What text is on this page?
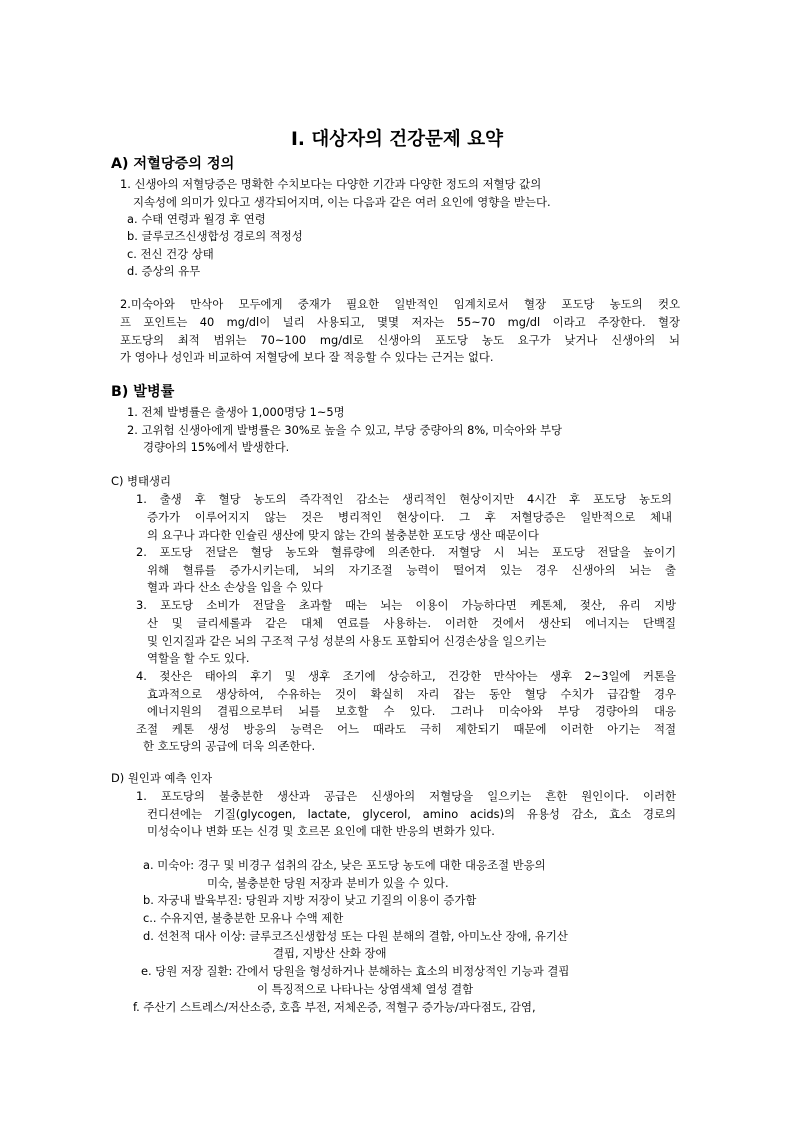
I. 대상자의 건강문제 요약
A) 저혈당증의 정의
1. 신생아의 저혈당증은 명확한 수치보다는 다양한 기간과 다양한 정도의 저혈당 값의
지속성에 의미가 있다고 생각되어지며, 이는 다음과 같은 여러 요인에 영향을 받는다.
a. 수태 연령과 월경 후 연령
b. 글루코즈신생합성 경로의 적정성
c. 전신 건강 상태
d. 증상의 유무
2.미숙아와 만삭아 모두에게 중재가 필요한 일반적인 임계치로서 혈장 포도당 농도의 컷오
프 포인트는 40 mg/dl이 널리 사용되고, 몇몇 저자는 55~70 mg/dl 이라고 주장한다. 혈장
포도당의 최적 범위는 70~100 mg/dl로 신생아의 포도당 농도 요구가 낮거나 신생아의 뇌
가 영아나 성인과 비교하여 저혈당에 보다 잘 적응할 수 있다는 근거는 없다.
B) 발병률
1. 전체 발병률은 출생아 1,000명당 1~5명
2. 고위험 신생아에게 발병률은 30%로 높을 수 있고, 부당 중량아의 8%, 미숙아와 부당
경량아의 15%에서 발생한다.
C) 병태생리
1. 출생 후 혈당 농도의 즉각적인 감소는 생리적인 현상이지만 4시간 후 포도당 농도의
증가가 이루어지지 않는 것은 병리적인 현상이다. 그 후 저혈당증은 일반적으로 체내
의 요구나 과다한 인슐린 생산에 맞지 않는 간의 불충분한 포도당 생산 때문이다
2. 포도당 전달은 혈당 농도와 혈류량에 의존한다. 저혈당 시 뇌는 포도당 전달을 높이기
위해 혈류를 증가시키는데, 뇌의 자기조절 능력이 떨어져 있는 경우 신생아의 뇌는 출
혈과 과다 산소 손상을 입을 수 있다
3. 포도당 소비가 전달을 초과할 때는 뇌는 이용이 가능하다면 케톤체, 젖산, 유리 지방
산 및 글리세롤과 같은 대체 연료를 사용하는. 이러한 것에서 생산되 에너지는 단백질
및 인지질과 같은 뇌의 구조적 구성 성분의 사용도 포함되어 신경손상을 일으키는
역할을 할 수도 있다.
4. 젖산은 태아의 후기 및 생후 조기에 상승하고, 건강한 만삭아는 생후 2~3일에 커톤을
효과적으로 생상하여, 수유하는 것이 확실히 자리 잡는 동안 혈당 수치가 급감할 경우
에너지원의 결핍으로부터 뇌를 보호할 수 있다. 그러나 미숙아와 부당 경량아의 대응
조절 케톤 생성 방응의 능력은 어느 때라도 극히 제한되기 때문에 이러한 아기는 적절
한 호도당의 공급에 더욱 의존한다.
D) 원인과 예측 인자
1. 포도당의 불충분한 생산과 공급은 신생아의 저혈당을 일으키는 흔한 원인이다. 이러한
컨디션에는 기질(glycogen, lactate, glycerol, amino acids)의 유용성 감소, 효소 경로의
미성숙이나 변화 또는 신경 및 호르몬 요인에 대한 반응의 변화가 있다.
a. 미숙아: 경구 및 비경구 섭취의 감소, 낮은 포도당 농도에 대한 대응조절 반응의
미숙, 불충분한 당원 저장과 분비가 있을 수 있다.
b. 자궁내 발육부진: 당원과 지방 저장이 낮고 기질의 이용이 증가함
c.. 수유지연, 불충분한 모유나 수액 제한
d. 선천적 대사 이상: 글루코즈신생합성 또는 다원 분해의 결함, 아미노산 장애, 유기산
결핍, 지방산 산화 장애
e. 당원 저장 질환: 간에서 당원을 형성하거나 분해하는 효소의 비정상적인 기능과 결핍
이 특징적으로 나타나는 상염색체 열성 결함
f. 주산기 스트레스/저산소증, 호흡 부전, 저체온증, 적혈구 증가능/과다점도, 감염,
